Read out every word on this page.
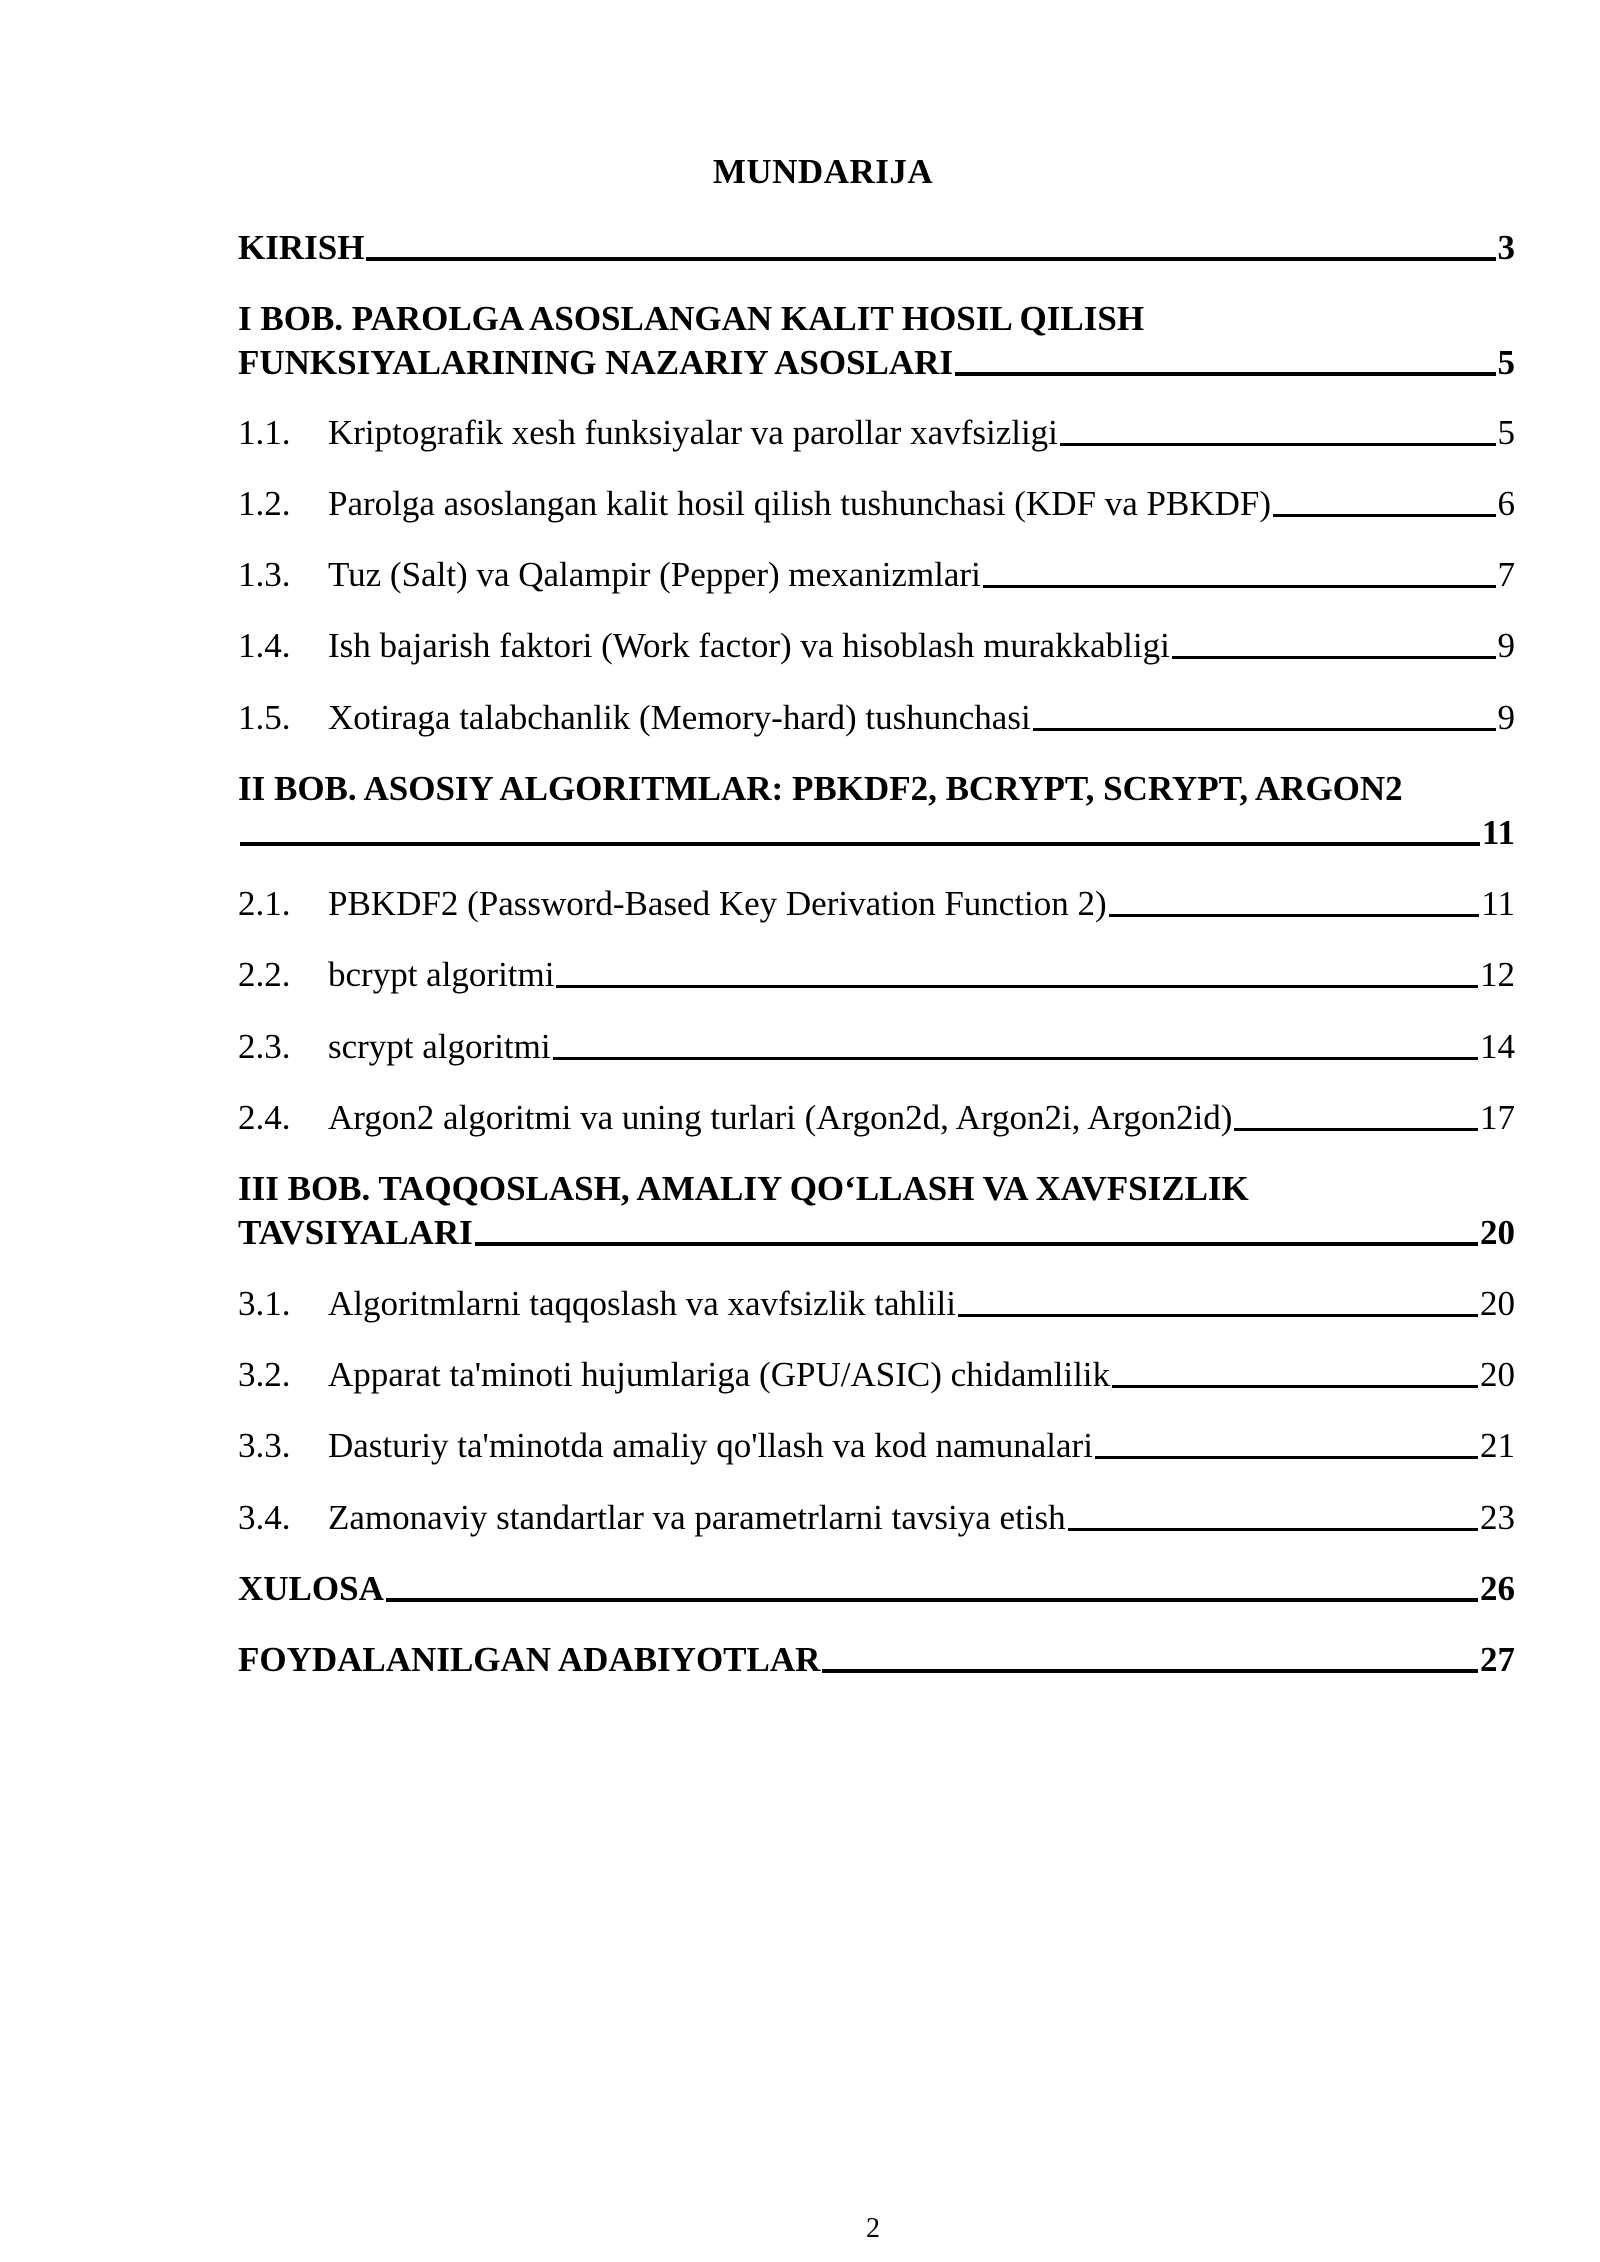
MUNDARIJA
KIRISH	3
I BOB. PAROLGA ASOSLANGAN KALIT HOSIL QILISH
FUNKSIYALARINING NAZARIY ASOSLARI	5
1.1.	Kriptografik xesh funksiyalar va parollar xavfsizligi	5
1.2.	Parolga asoslangan kalit hosil qilish tushunchasi (KDF va PBKDF)	6
1.3.	Tuz (Salt) va Qalampir (Pepper) mexanizmlari	7
1.4.	Ish bajarish faktori (Work factor) va hisoblash murakkabligi	9
1.5.	Xotiraga talabchanlik (Memory-hard) tushunchasi	9
II BOB. ASOSIY ALGORITMLAR: PBKDF2, BCRYPT, SCRYPT, ARGON2
11
2.1.	PBKDF2 (Password-Based Key Derivation Function 2)	11
2.2.	bcrypt algoritmi	12
2.3.	scrypt algoritmi	14
2.4.	Argon2 algoritmi va uning turlari (Argon2d, Argon2i, Argon2id)	17
III BOB. TAQQOSLASH, AMALIY QO‘LLASH VA XAVFSIZLIK
TAVSIYALARI	20
3.1.	Algoritmlarni taqqoslash va xavfsizlik tahlili	20
3.2.	Apparat ta'minoti hujumlariga (GPU/ASIC) chidamlilik	20
3.3.	Dasturiy ta'minotda amaliy qo'llash va kod namunalari	21
3.4.	Zamonaviy standartlar va parametrlarni tavsiya etish	23
XULOSA	26
FOYDALANILGAN ADABIYOTLAR	27
2
